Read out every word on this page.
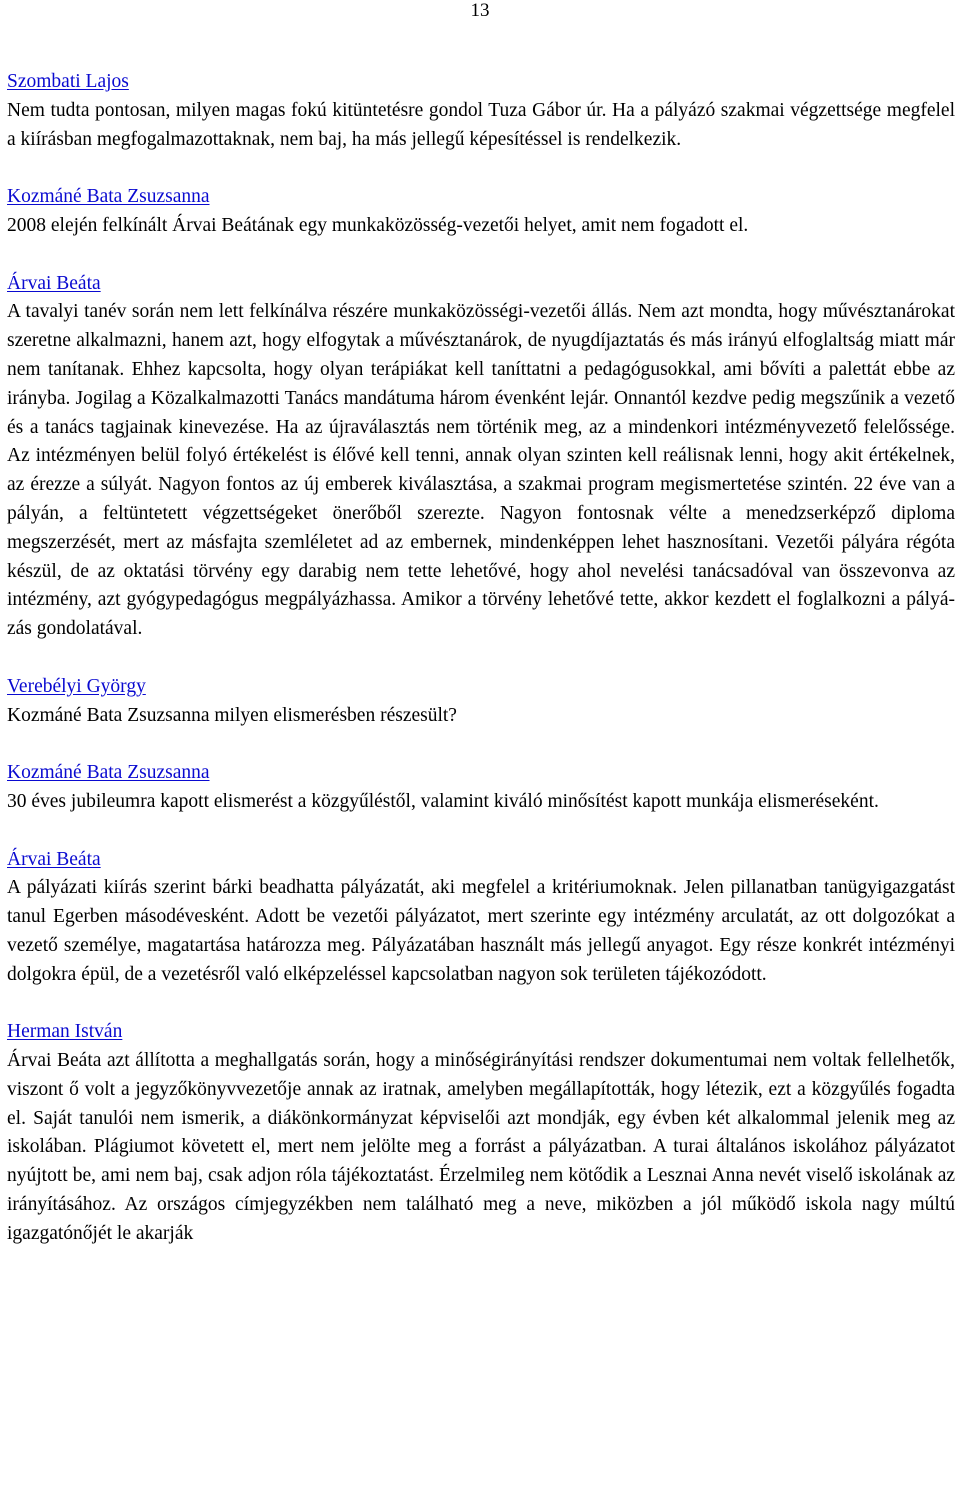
13
Szombati Lajos

Nem tudta pontosan, milyen magas fokú kitüntetésre gondol Tuza Gábor úr. Ha a pályázó szakmai végzettsége megfelel a kiírásban megfogalmazottaknak, nem baj, ha más jellegű képesítéssel is rendelkezik.

Kozmáné Bata Zsuzsanna

2008 elején felkínált Árvai Beátának egy munkaközösség-vezetői helyet, amit nem fogadott el.

Árvai Beáta

A tavalyi tanév során nem lett felkínálva részére munkaközösségi-vezetői állás. Nem azt mondta, hogy művésztanárokat szeretne alkalmazni, hanem azt, hogy elfogytak a művésztanárok, de nyugdíjaztatás és más irányú elfoglaltság miatt már nem tanítanak. Ehhez kapcsolta, hogy olyan terápiákat kell taníttatni a pedagógusokkal, ami bővíti a palettát ebbe az irányba. Jogilag a Közalkalmazotti Tanács mandátuma három évenként lejár. Onnantól kezdve pedig megszűnik a vezető és a tanács tagjainak kinevezése. Ha az újraválasztás nem történik meg, az a mindenkori intézményvezető felelőssége. Az intézményen belül folyó értékelést is élővé kell tenni, annak olyan szinten kell reálisnak lenni, hogy akit értékelnek, az érezze a súlyát. Nagyon fontos az új emberek kiválasztása, a szakmai program megismertetése szintén. 22 éve van a pályán, a feltüntetett végzettségeket önerőből szerezte. Nagyon fontosnak vélte a menedzserképző diploma megszerzését, mert az másfajta szemléletet ad az embernek, mindenképpen lehet hasznosítani. Vezetői pályára régóta készül, de az oktatási törvény egy darabig nem tette lehetővé, hogy ahol nevelési tanácsadóval van összevonva az intézmény, azt gyógypedagógus megpályázhassa. Amikor a törvény lehetővé tette, akkor kezdett el foglalkozni a pályázás gondolatával.

Verebélyi György

Kozmáné Bata Zsuzsanna milyen elismerésben részesült?

Kozmáné Bata Zsuzsanna

30 éves jubileumra kapott elismerést a közgyűléstől, valamint kiváló minősítést kapott munkája elismeréseként.

Árvai Beáta

A pályázati kiírás szerint bárki beadhatta pályázatát, aki megfelel a kritériumoknak. Jelen pillanatban tanügyigazgatást tanul Egerben másodévesként. Adott be vezetői pályázatot, mert szerinte egy intézmény arculatát, az ott dolgozókat a vezető személye, magatartása határozza meg. Pályázatában használt más jellegű anyagot. Egy része konkrét intézményi dolgokra épül, de a vezetésről való elképzeléssel kapcsolatban nagyon sok területen tájékozódott.

Herman István

Árvai Beáta azt állította a meghallgatás során, hogy a minőségirányítási rendszer dokumentumai nem voltak fellelhetők, viszont ő volt a jegyzőkönyvvezetője annak az iratnak, amelyben megállapították, hogy létezik, ezt a közgyűlés fogadta el. Saját tanulói nem ismerik, a diákönkormányzat képviselői azt mondják, egy évben két alkalommal jelenik meg az iskolában. Plágiumot követett el, mert nem jelölte meg a forrást a pályázatban. A turai általános iskolához pályázatot nyújtott be, ami nem baj, csak adjon róla tájékoztatást. Érzelmileg nem kötődik a Lesznai Anna nevét viselő iskolának az irányításához. Az országos címjegyzékben nem található meg a neve, miközben a jól működő iskola nagy múltú igazgatónőjét le akarják
